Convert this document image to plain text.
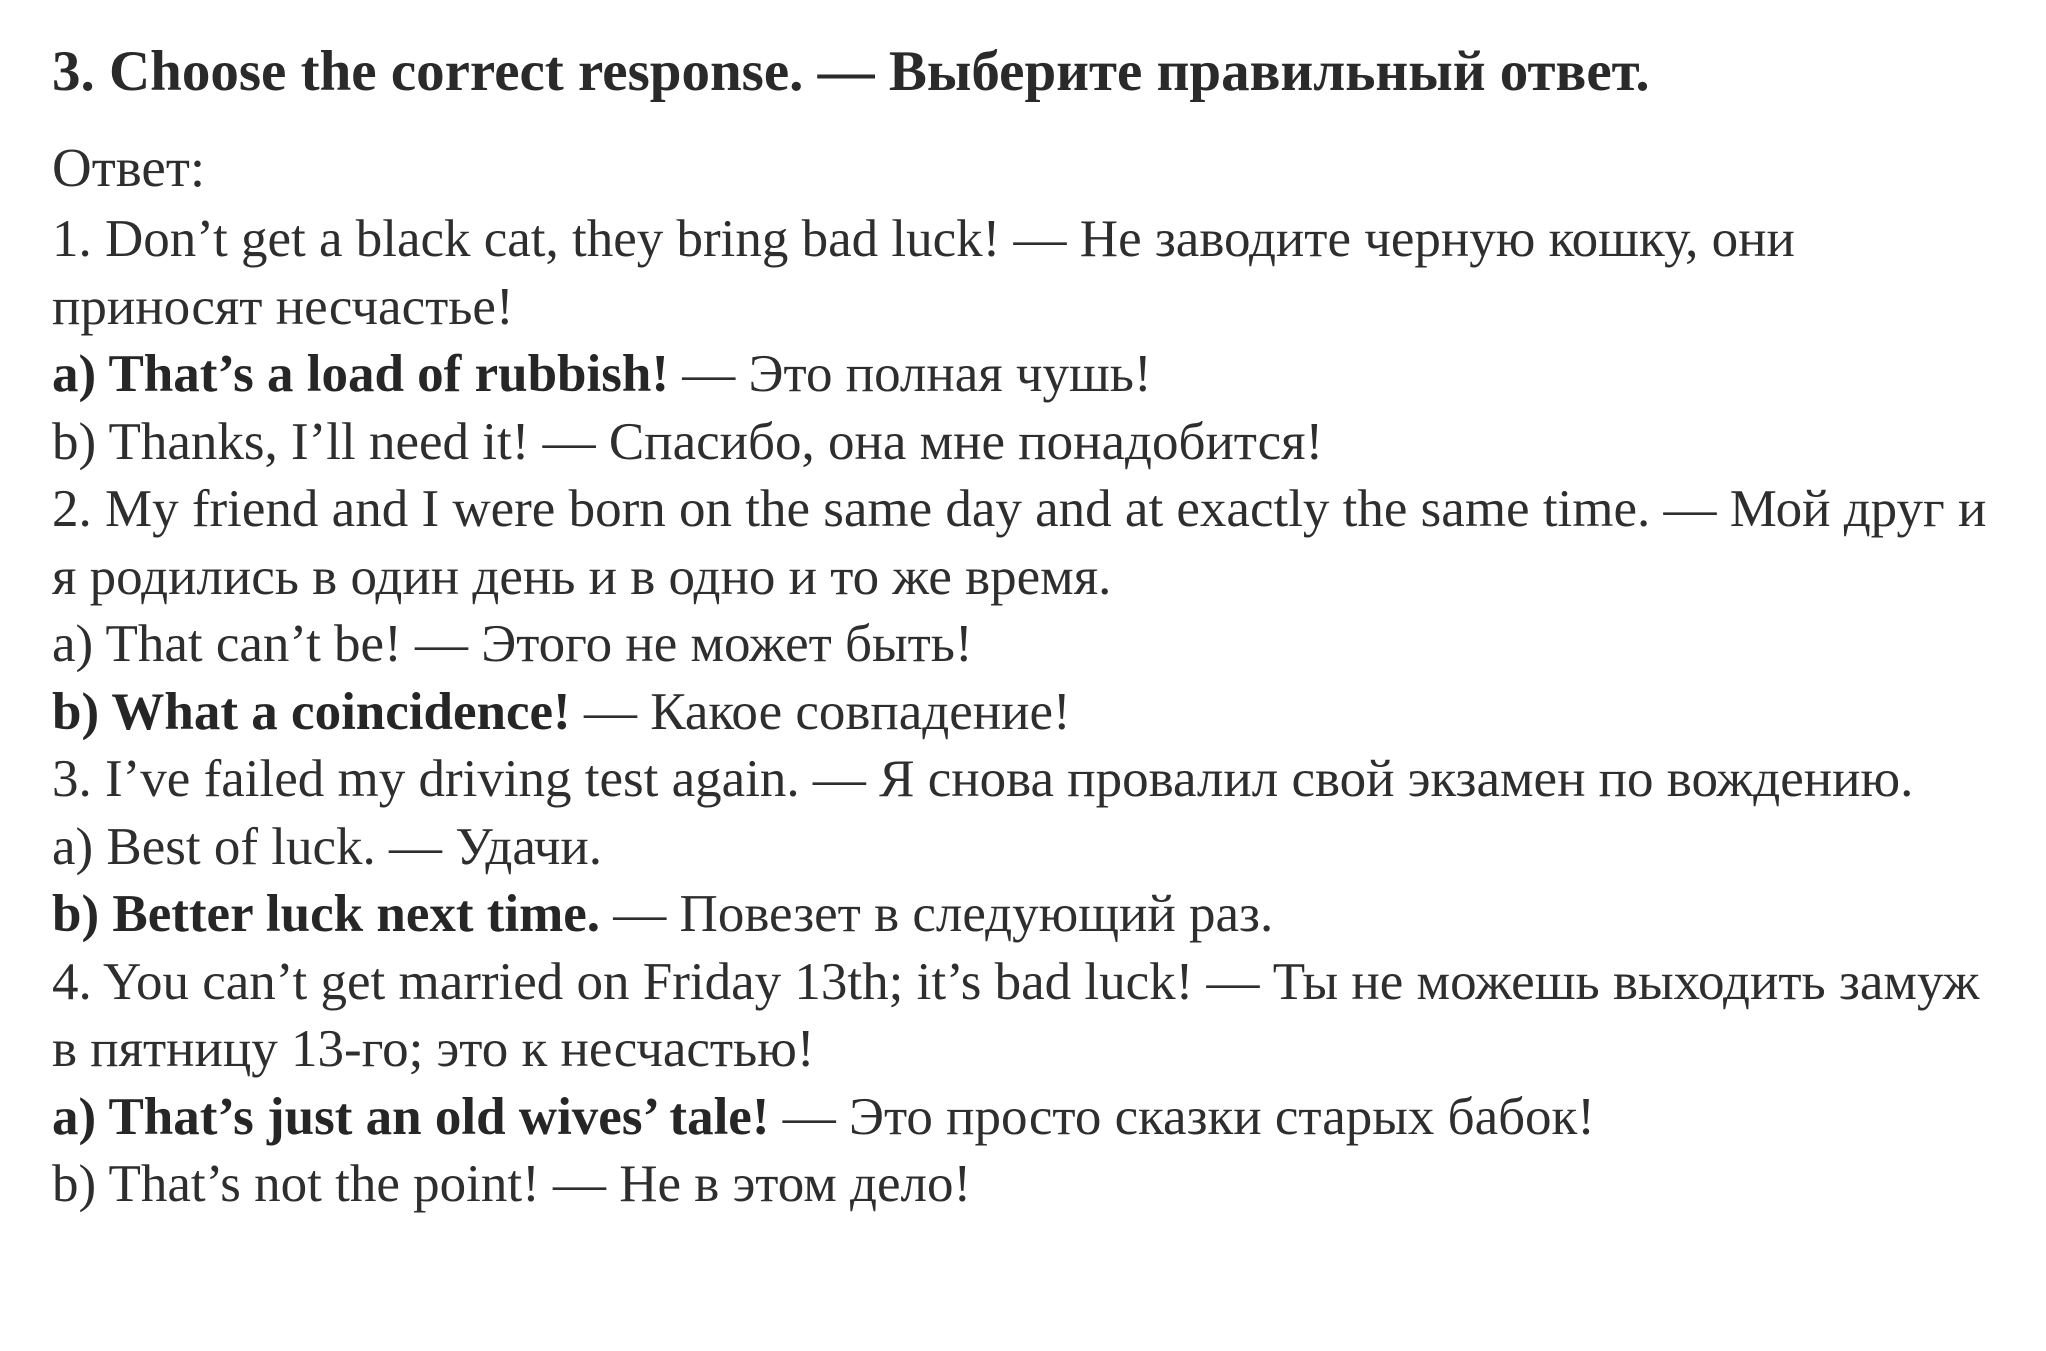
3. Choose the correct response. — Выберите правильный ответ.
Ответ:
1. Don’t get a black cat, they bring bad luck! — Не заводите черную кошку, они приносят несчастье!
a) That’s a load of rubbish! — Это полная чушь!
b) Thanks, I’ll need it! — Спасибо, она мне понадобится!
2. My friend and I were born on the same day and at exactly the same time. — Мой друг и я родились в один день и в одно и то же время.
a) That can’t be! — Этого не может быть!
b) What a coincidence! — Какое совпадение!
3. I’ve failed my driving test again. — Я снова провалил свой экзамен по вождению.
a) Best of luck. — Удачи.
b) Better luck next time. — Повезет в следующий раз.
4. You can’t get married on Friday 13th; it’s bad luck! — Ты не можешь выходить замуж в пятницу 13-го; это к несчастью!
a) That’s just an old wives’ tale! — Это просто сказки старых бабок!
b) That’s not the point! — Не в этом дело!
